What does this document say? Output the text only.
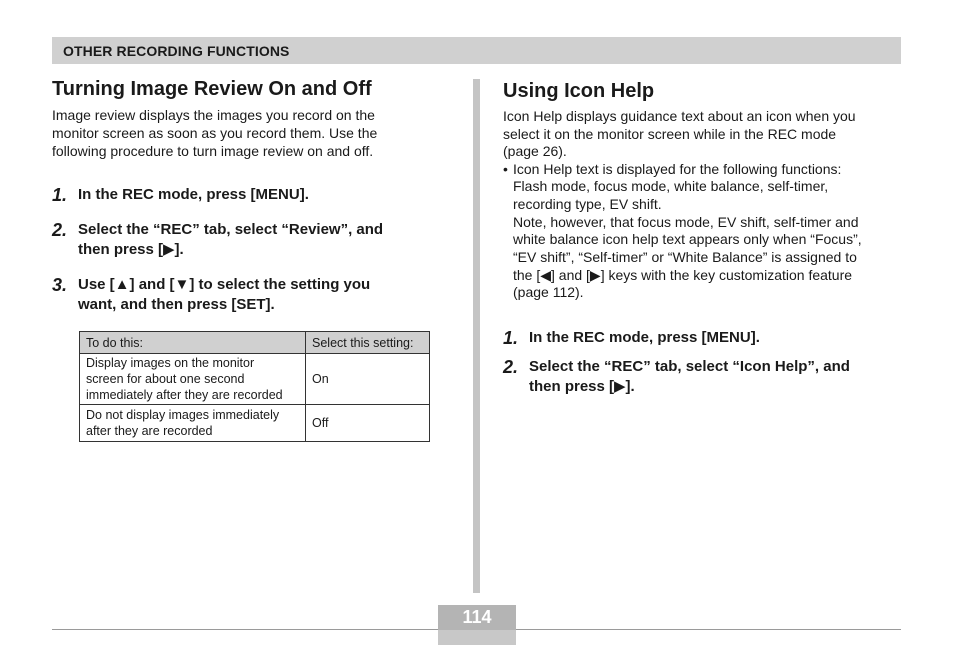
OTHER RECORDING FUNCTIONS
Turning Image Review On and Off
Image review displays the images you record on the
monitor screen as soon as you record them. Use the
following procedure to turn image review on and off.
1. In the REC mode, press [MENU].
2. Select the “REC” tab, select “Review”, and
then press [▶].
3. Use [▲] and [▼] to select the setting you
want, and then press [SET].
To do this:	Select this setting:

Display images on the monitor
screen for about one second
immediately after they are recorded	On

Do not display images immediately
after they are recorded	Off
Using Icon Help
Icon Help displays guidance text about an icon when you
select it on the monitor screen while in the REC mode
(page 26).
• Icon Help text is displayed for the following functions:
Flash mode, focus mode, white balance, self-timer,
recording type, EV shift.
Note, however, that focus mode, EV shift, self-timer and
white balance icon help text appears only when “Focus”,
“EV shift”, “Self-timer” or “White Balance” is assigned to
the [◀] and [▶] keys with the key customization feature
(page 112).
1. In the REC mode, press [MENU].
2. Select the “REC” tab, select “Icon Help”, and
then press [▶].
114
